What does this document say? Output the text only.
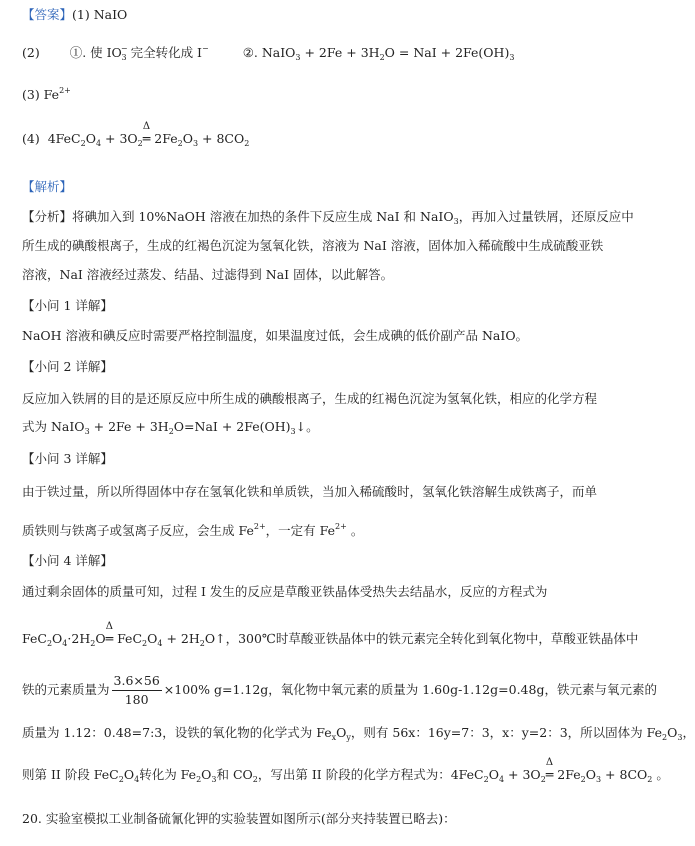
【答案】(1) NaIO
(2) ①. 使 $IO^-_3$ 完全转化成 I−	②. NaIO$_3$ + $2Fe + 3H_2O$ = NaI + $2Fe(OH)_3$
(3) $Fe^{2+}$
(4) $4FeC_2O_4 + 3O_2$
Δ
═ $2Fe_2O_3 + 8CO_2$
【解析】
【分析】将碘加入到 10%NaOH 溶液在加热的条件下反应生成 NaI 和 NaIO$_3$，再加入过量铁屑，还原反应中
所生成的碘酸根离子，生成的红褐色沉淀为氢氧化铁，溶液为 NaI 溶液，固体加入稀硫酸中生成硫酸亚铁
溶液，NaI 溶液经过蒸发、结晶、过滤得到 NaI 固体，以此解答。
【小问 1 详解】
NaOH 溶液和碘反应时需要严格控制温度，如果温度过低，会生成碘的低价副产品 NaIO。
【小问 2 详解】
反应加入铁屑的目的是还原反应中所生成的碘酸根离子，生成的红褐色沉淀为氢氧化铁，相应的化学方程
式为 NaIO$_3$ + $2Fe + 3H_2O=NaI$ + $2Fe(OH)_3↓$。
【小问 3 详解】
由于铁过量，所以所得固体中存在氢氧化铁和单质铁，当加入稀硫酸时，氢氧化铁溶解生成铁离子，而单
质铁则与铁离子或氢离子反应，会生成 $Fe^{2+}$，一定有 $Fe^{2+}$ 。
【小问 4 详解】
通过剩余固体的质量可知，过程 I 发生的反应是草酸亚铁晶体受热失去结晶水，反应的方程式为
$FeC_2O_4\cdot 2H_2O$
Δ
═ $FeC_2O_4$ + $2H_2O↑$，300℃时草酸亚铁晶体中的铁元素完全转化到氧化物中，草酸亚铁晶体中
铁的元素质量为 $\frac{3.6\times 56}{180} \times 100\%$ g=1.12g，氧化物中氧元素的质量为 1.60g-1.12g=0.48g，铁元素与氧元素的
质量为 1.12：0.48=7:3，设铁的氧化物的化学式为 $Fe_xO_y$，则有 56x：16y=7：3，x：y=2：3，所以固体为 $Fe_2O_3$，
则第 II 阶段 $FeC_2O_4$转化为 $Fe_2O_3$和 $CO_2$，写出第 II 阶段的化学方程式为：$4FeC_2O_4 + 3O_2$
Δ
═ $2Fe_2O_3 + 8CO_2$ 。
20. 实验室模拟工业制备硫氰化钾的实验装置如图所示(部分夹持装置已略去)：
